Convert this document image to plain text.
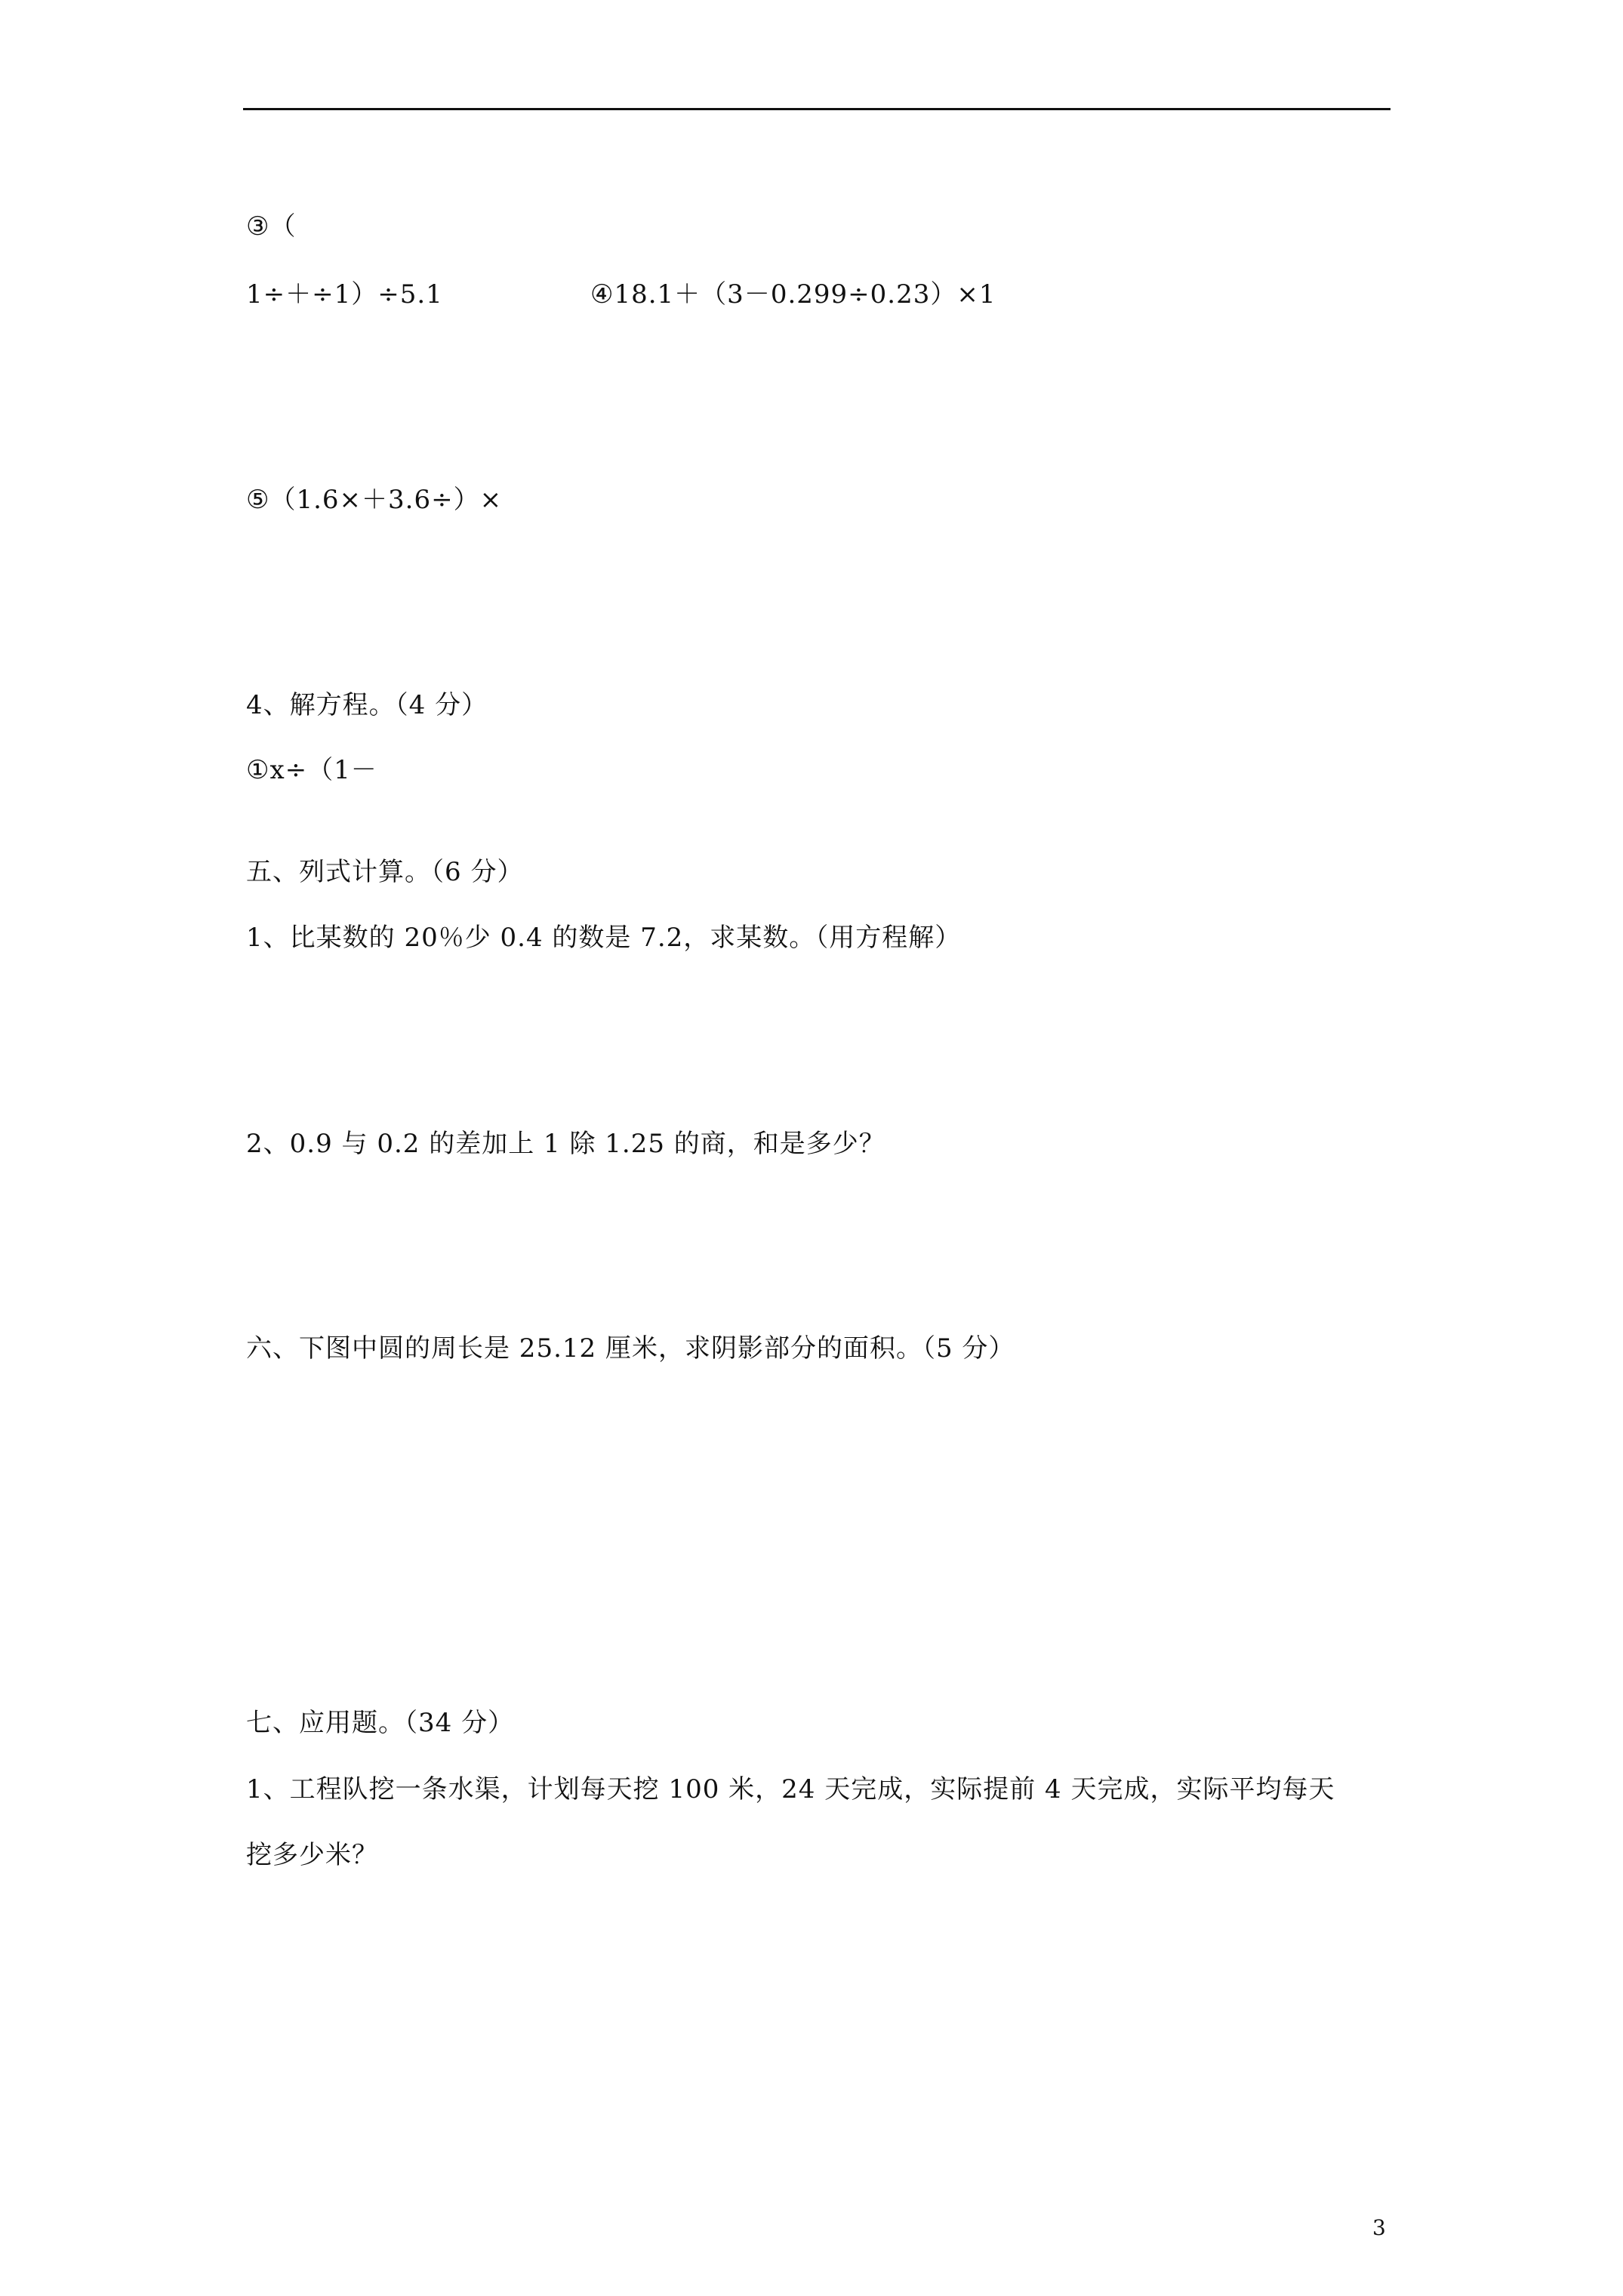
③（
1÷＋÷1）÷5.1	④18.1＋（3－0.299÷0.23）×1
⑤（1.6×＋3.6÷）×
4、解方程。（4 分）
①x÷（1－
五、列式计算。（6 分）
1、比某数的 20％少 0.4 的数是 7.2，求某数。（用方程解）
2、0.9 与 0.2 的差加上 1 除 1.25 的商，和是多少？
六、下图中圆的周长是 25.12 厘米，求阴影部分的面积。（5 分）
七、应用题。（34 分）
1、工程队挖一条水渠，计划每天挖 100 米，24 天完成，实际提前 4 天完成，实际平均每天
挖多少米？
3
